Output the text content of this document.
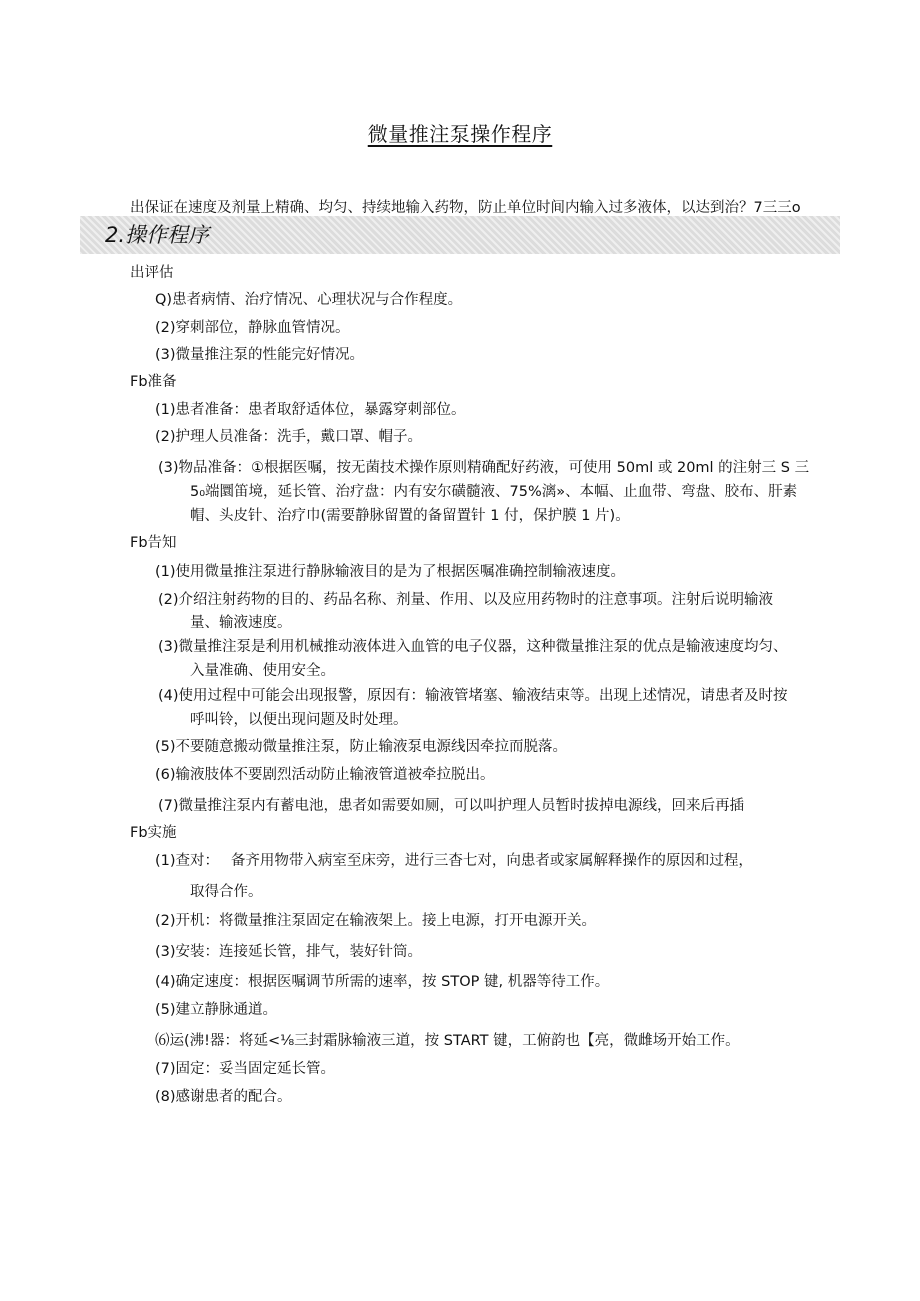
微量推注泵操作程序
出保证在速度及剂量上精确、均匀、持续地输入药物，防止单位时间内输入过多液体，以达到治？7三三o
2.操作程序
出评估
Q)患者病情、治疗情况、心理状况与合作程度。
(2)穿刺部位，静脉血管情况。
(3)微量推注泵的性能完好情况。
Fb准备
(1)患者准备：患者取舒适体位，暴露穿刺部位。
(2)护理人员准备：洗手，戴口罩、帽子。
(3)物品准备：①根据医嘱，按无菌技术操作原则精确配好药液，可使用 50ml 或 20ml 的注射三 S 三
5₀端圜笛境，延长管、治疗盘：内有安尔磺髓液、75%漓»、本幅、止血带、弯盘、胶布、肝素
帽、头皮针、治疗巾(需要静脉留置的备留置针 1 付，保护膜 1 片)。
Fb告知
(1)使用微量推注泵进行静脉输液目的是为了根据医嘱准确控制输液速度。
(2)介绍注射药物的目的、药品名称、剂量、作用、以及应用药物时的注意事项。注射后说明输液
量、输液速度。
(3)微量推注泵是利用机械推动液体进入血管的电子仪器，这种微量推注泵的优点是输液速度均匀、
入量准确、使用安全。
(4)使用过程中可能会出现报警，原因有：输液管堵塞、输液结束等。出现上述情况，请患者及时按
呼叫铃，以便出现问题及时处理。
(5)不要随意搬动微量推注泵，防止输液泵电源线因牵拉而脱落。
(6)输液肢体不要剧烈活动防止输液管道被牵拉脱出。
(7)微量推注泵内有蓄电池，患者如需要如厕，可以叫护理人员暂时拔掉电源线，回来后再插
Fb实施
(1)查对：　 备齐用物带入病室至床旁，进行三杳七对，向患者或家属解释操作的原因和过程，
取得合作。
(2)开机：将微量推注泵固定在输液架上。接上电源，打开电源开关。
(3)安装：连接延长管，排气，装好针筒。
(4)确定速度：根据医嘱调节所需的速率，按 STOP 键, 机器等待工作。
(5)建立静脉通道。
⑹运(沸!器：将延<⅛三封霜脉输液三道，按 START 键，工俯韵也【亮，微雌场开始工作。
(7)固定：妥当固定延长管。
(8)感谢患者的配合。
